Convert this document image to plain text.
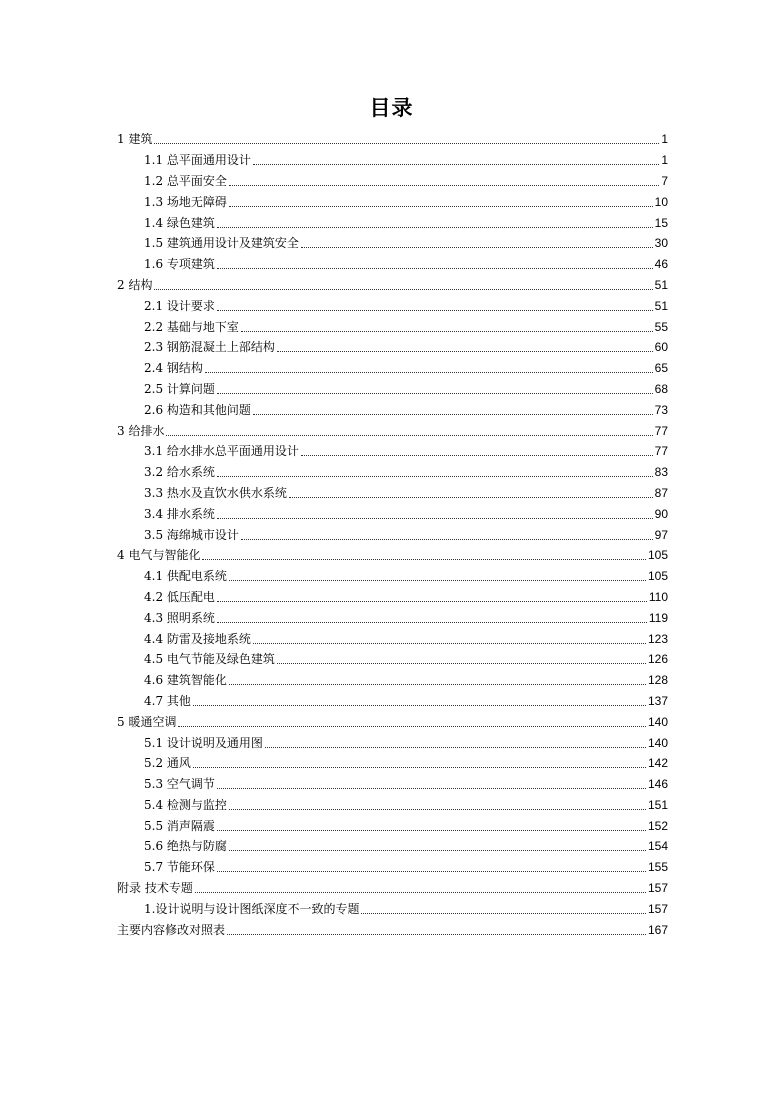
目录
1 建筑	1
1.1 总平面通用设计	1
1.2 总平面安全	7
1.3 场地无障碍	10
1.4 绿色建筑	15
1.5 建筑通用设计及建筑安全	30
1.6 专项建筑	46
2 结构	51
2.1 设计要求	51
2.2 基础与地下室	55
2.3 钢筋混凝土上部结构	60
2.4 钢结构	65
2.5 计算问题	68
2.6 构造和其他问题	73
3 给排水	77
3.1 给水排水总平面通用设计	77
3.2 给水系统	83
3.3 热水及直饮水供水系统	87
3.4 排水系统	90
3.5 海绵城市设计	97
4 电气与智能化	105
4.1 供配电系统	105
4.2 低压配电	110
4.3 照明系统	119
4.4 防雷及接地系统	123
4.5 电气节能及绿色建筑	126
4.6 建筑智能化	128
4.7 其他	137
5 暖通空调	140
5.1 设计说明及通用图	140
5.2 通风	142
5.3 空气调节	146
5.4 检测与监控	151
5.5 消声隔震	152
5.6 绝热与防腐	154
5.7 节能环保	155
附录 技术专题	157
1.设计说明与设计图纸深度不一致的专题	157
主要内容修改对照表	167
